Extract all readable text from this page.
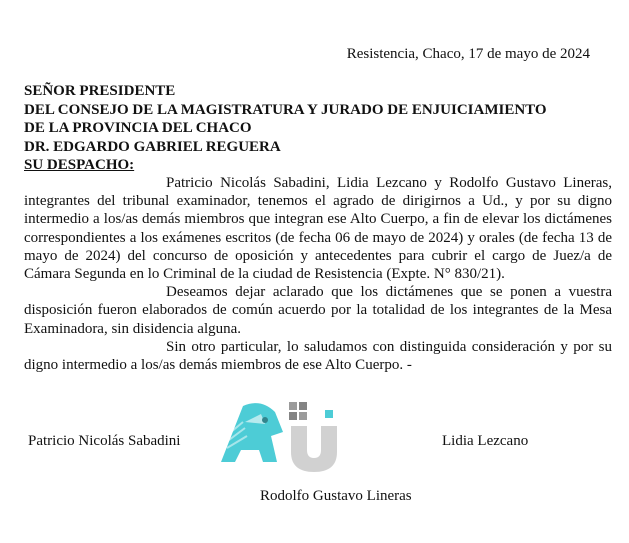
Resistencia, Chaco, 17 de mayo de 2024
SEÑOR PRESIDENTE
DEL CONSEJO DE LA MAGISTRATURA Y JURADO DE ENJUICIAMIENTO
DE LA PROVINCIA DEL CHACO
DR. EDGARDO GABRIEL REGUERA
SU DESPACHO:

Patricio Nicolás Sabadini, Lidia Lezcano y Rodolfo Gustavo Lineras, integrantes del tribunal examinador, tenemos el agrado de dirigirnos a Ud., y por su digno intermedio a los/as demás miembros que integran ese Alto Cuerpo, a fin de elevar los dictámenes correspondientes a los exámenes escritos (de fecha 06 de mayo de 2024) y orales (de fecha 13 de mayo de 2024) del concurso de oposición y antecedentes para cubrir el cargo de Juez/a de Cámara Segunda en lo Criminal de la ciudad de Resistencia (Expte. N° 830/21).

Deseamos dejar aclarado que los dictámenes que se ponen a vuestra disposición fueron elaborados de común acuerdo por la totalidad de los integrantes de la Mesa Examinadora, sin disidencia alguna.

Sin otro particular, lo saludamos con distinguida consideración y por su digno intermedio a los/as demás miembros de ese Alto Cuerpo. -

Patricio Nicolás Sabadini	Lidia Lezcano
Rodolfo Gustavo Lineras
